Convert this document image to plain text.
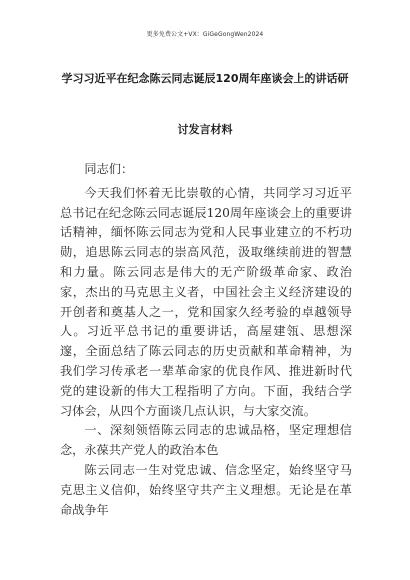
更多免费公文+VX：GiGeGongWen2024
学习习近平在纪念陈云同志诞辰120周年座谈会上的讲话研
讨发言材料

同志们：

今天我们怀着无比崇敬的心情，共同学习习近平总书记在纪念陈云同志诞辰120周年座谈会上的重要讲话精神，缅怀陈云同志为党和人民事业建立的不朽功勋，追思陈云同志的崇高风范，汲取继续前进的智慧和力量。陈云同志是伟大的无产阶级革命家、政治家，杰出的马克思主义者，中国社会主义经济建设的开创者和奠基人之一，党和国家久经考验的卓越领导人。习近平总书记的重要讲话，高屋建瓴、思想深邃，全面总结了陈云同志的历史贡献和革命精神，为我们学习传承老一辈革命家的优良作风、推进新时代党的建设新的伟大工程指明了方向。下面，我结合学习体会，从四个方面谈几点认识，与大家交流。

一、深刻领悟陈云同志的忠诚品格，坚定理想信念，永葆共产党人的政治本色

陈云同志一生对党忠诚、信念坚定，始终坚守马克思主义信仰，始终坚守共产主义理想。无论是在革命战争年
